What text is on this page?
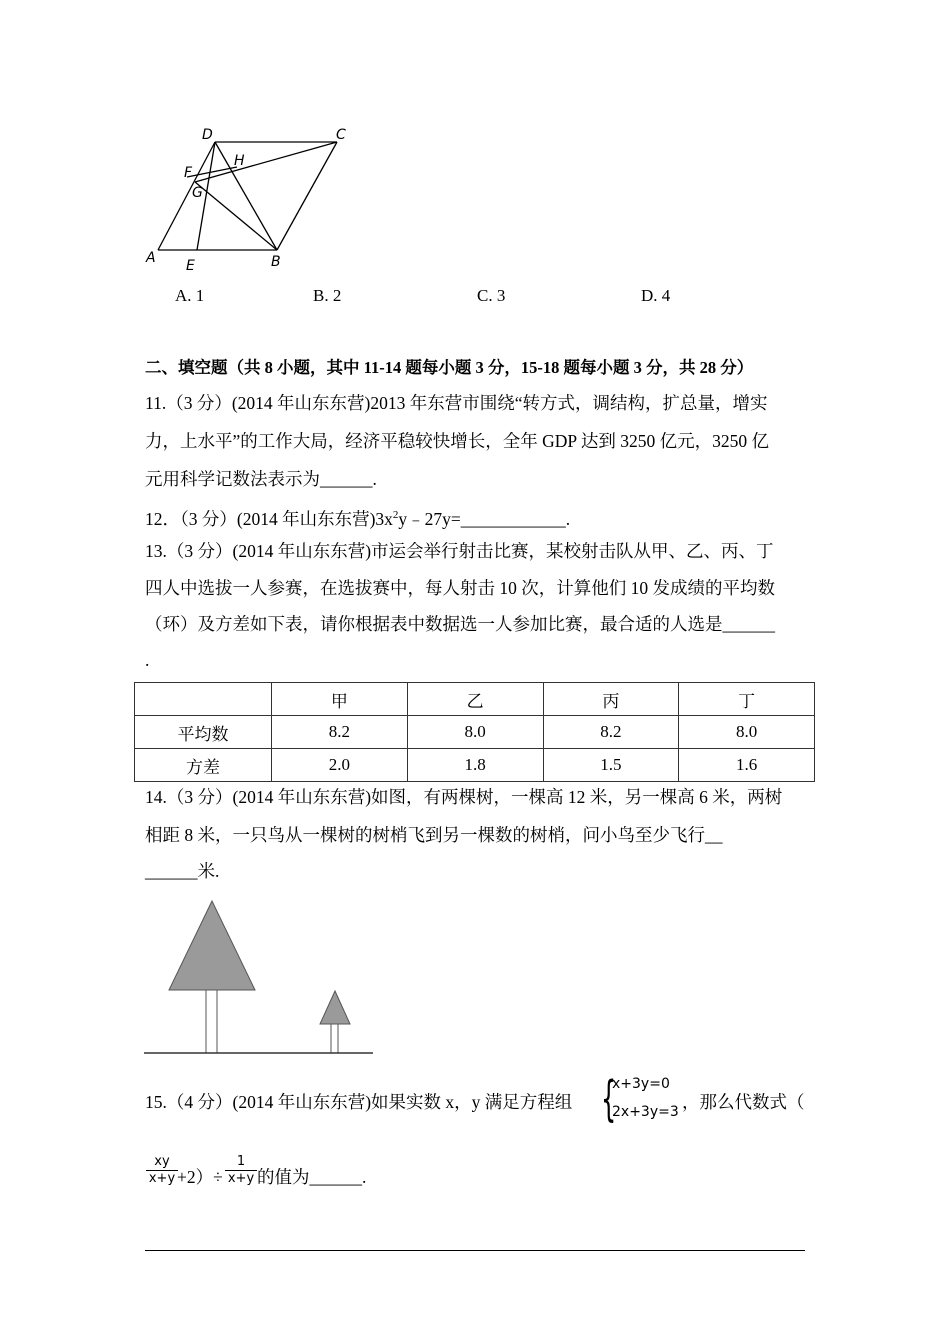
A	B
C
D
E
F
G
H
A. 1	B. 2	C. 3	D. 4
二、填空题（共 8 小题，其中 11-14 题每小题 3 分，15-18 题每小题 3 分，共 28 分）
11.（3 分）(2014 年山东东营)2013 年东营市围绕“转方式，调结构，扩总量，增实
力，上水平”的工作大局，经济平稳较快增长，全年 GDP 达到 3250 亿元，3250 亿
元用科学记数法表示为______.
12．（3 分）(2014 年山东东营)$3x^2y﹣27y=\_\_\_\_\_\_\_\_\_\_\_\_$.
13.（3 分）(2014 年山东东营)市运会举行射击比赛，某校射击队从甲、乙、丙、丁
四人中选拔一人参赛，在选拔赛中，每人射击 10 次，计算他们 10 发成绩的平均数
（环）及方差如下表，请你根据表中数据选一人参加比赛，最合适的人选是______
.
	甲	乙	丙	丁
平均数	8.2	8.0	8.2	8.0
方差	2.0	1.8	1.5	1.6
14.（3 分）(2014 年山东东营)如图，有两棵树，一棵高 12 米，另一棵高 6 米，两树
相距 8 米，一只鸟从一棵树的树梢飞到另一棵数的树梢，问小鸟至少飞行__
______米.
15.（4 分）(2014 年山东东营)如果实数 x，y 满足方程组 {
x+3y=0
2x+3y=3 ，那么代数式（
$\frac{xy}{x+y} +2)\div \frac{1}{x+y}$ 的值为______.
